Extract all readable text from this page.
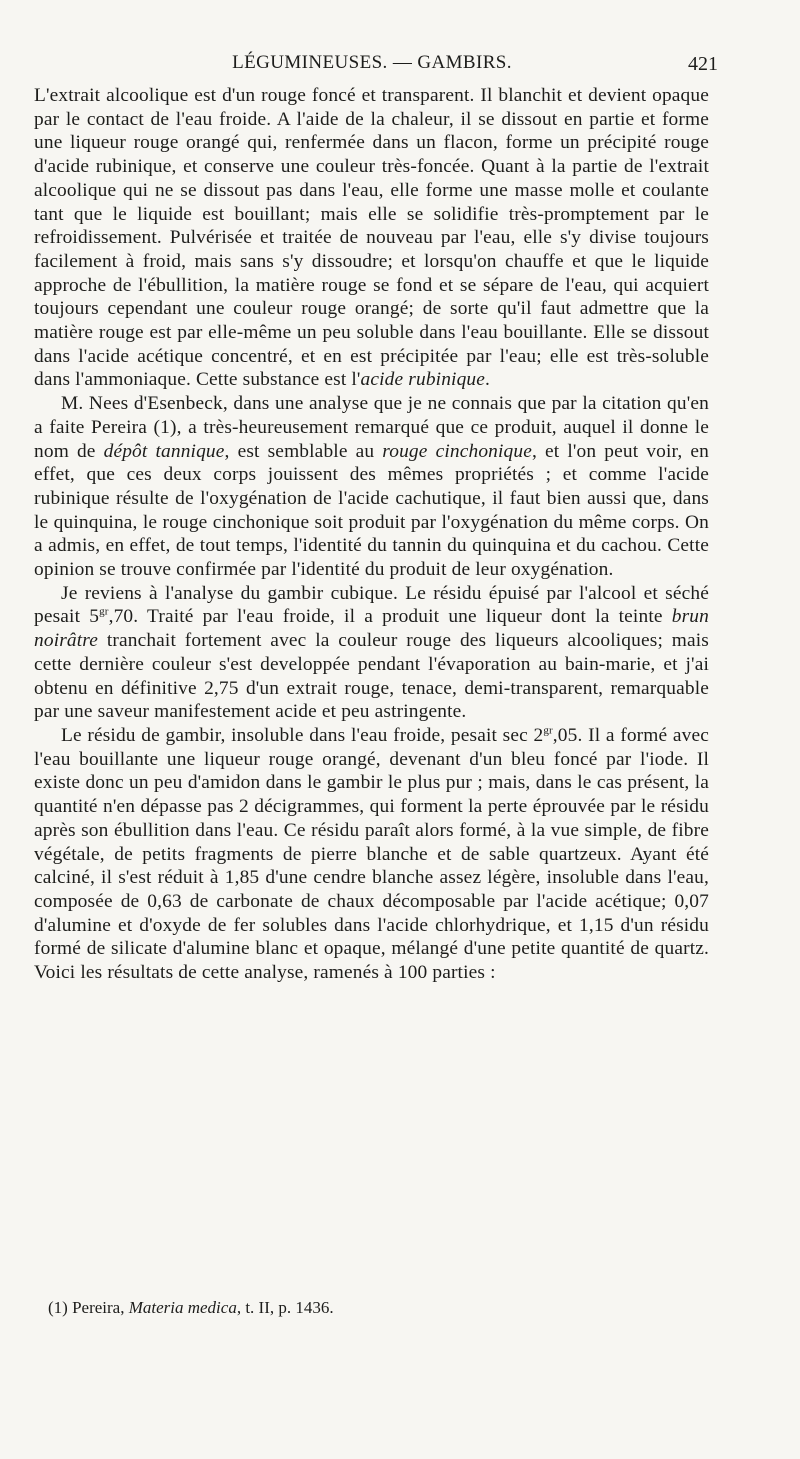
LÉGUMINEUSES. — GAMBIRS.	421

L'extrait alcoolique est d'un rouge foncé et transparent. Il blanchit et devient opaque par le contact de l'eau froide. A l'aide de la chaleur, il se dissout en partie et forme une liqueur rouge orangé qui, renfermée dans un flacon, forme un précipité rouge d'acide rubinique, et conserve une couleur très-foncée. Quant à la partie de l'extrait alcoolique qui ne se dissout pas dans l'eau, elle forme une masse molle et coulante tant que le liquide est bouillant; mais elle se solidifie très-promptement par le refroidissement. Pulvérisée et traitée de nouveau par l'eau, elle s'y divise toujours facilement à froid, mais sans s'y dissoudre; et lorsqu'on chauffe et que le liquide approche de l'ébullition, la matière rouge se fond et se sépare de l'eau, qui acquiert toujours cependant une couleur rouge orangé; de sorte qu'il faut admettre que la matière rouge est par elle-même un peu soluble dans l'eau bouillante. Elle se dissout dans l'acide acétique concentré, et en est précipitée par l'eau; elle est très-soluble dans l'ammoniaque. Cette substance est l'acide rubinique.

M. Nees d'Esenbeck, dans une analyse que je ne connais que par la citation qu'en a faite Pereira (1), a très-heureusement remarqué que ce produit, auquel il donne le nom de dépôt tannique, est semblable au rouge cinchonique, et l'on peut voir, en effet, que ces deux corps jouissent des mêmes propriétés ; et comme l'acide rubinique résulte de l'oxygénation de l'acide cachutique, il faut bien aussi que, dans le quinquina, le rouge cinchonique soit produit par l'oxygénation du même corps. On a admis, en effet, de tout temps, l'identité du tannin du quinquina et du cachou. Cette opinion se trouve confirmée par l'identité du produit de leur oxygénation.

Je reviens à l'analyse du gambir cubique. Le résidu épuisé par l'alcool et séché pesait $5^{gr},70$. Traité par l'eau froide, il a produit une liqueur dont la teinte brun noirâtre tranchait fortement avec la couleur rouge des liqueurs alcooliques; mais cette dernière couleur s'est developpée pendant l'évaporation au bain-marie, et j'ai obtenu en définitive 2,75 d'un extrait rouge, tenace, demi-transparent, remarquable par une saveur manifestement acide et peu astringente.

Le résidu de gambir, insoluble dans l'eau froide, pesait $\sec 2^{gr},05$. Il a formé avec l'eau bouillante une liqueur rouge orangé, devenant d'un bleu foncé par l'iode. Il existe donc un peu d'amidon dans le gambir le plus pur ; mais, dans le cas présent, la quantité n'en dépasse pas 2 décigrammes, qui forment la perte éprouvée par le résidu après son ébullition dans l'eau. Ce résidu paraît alors formé, à la vue simple, de fibre végétale, de petits fragments de pierre blanche et de sable quartzeux. Ayant été calciné, il s'est réduit à 1,85 d'une cendre blanche assez légère, insoluble dans l'eau, composée de 0,63 de carbonate de chaux décomposable par l'acide acétique; 0,07 d'alumine et d'oxyde de fer solubles dans l'acide chlorhydrique, et 1,15 d'un résidu formé de silicate d'alumine blanc et opaque, mélangé d'une petite quantité de quartz. Voici les résultats de cette analyse, ramenés à 100 parties :

(1) Pereira, Materia medica, t. II, p. 1436.
